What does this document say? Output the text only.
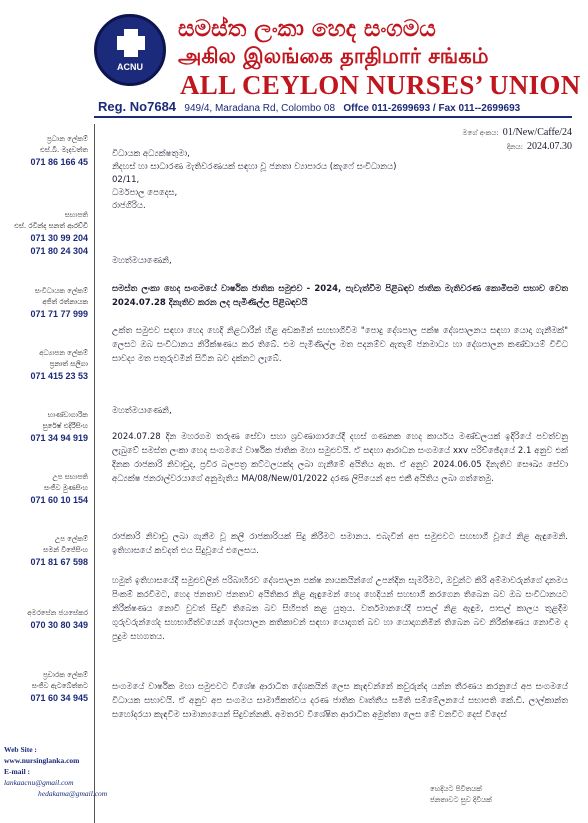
ACNU
සමස්ත ලංකා හෙද සංගමය
அகில இலங்கை தாதிமார் சங்கம்
ALL CEYLON NURSES’ UNION
Reg. No7684 949/4, Maradana Rd, Colombo 08 Offce 011-2699693 / Fax 011--2699693
ප්‍රධාන ලේකම්
එස්.බී. මැදවත්ත
071 86 166 45
සභාපති
එස්. රවින්ද සනත් ආරච්චි
071 30 99 204
071 80 24 304
සංවිධායක ලේකම්
අජිත් රත්නායක
071 71 77 999
අධ්‍යාපන ලේකම්
ප්‍රනාත් සලිගා
071 415 23 53
භාණ්ඩාගාරික
සුරේෂ් එදිරිසිංහ
071 34 94 919
උප සභාපති
සංජීව මුණසිංහ
071 60 10 154
උප ලේකම්
සමන් විජේසිංහ
071 81 67 598
අමරසේන ජයසේකර
070 30 80 349
ප්‍රචාරක ලේකම්
සංජීව ඇටබේත්තට
071 60 34 945
Web Site : www.nursinglanka.com
E-mail : lankaacnu@gmail.com
hedakama@gmail.com
මගේ අංකය: 01/New/Caffe/24
දිනය: 2024.07.30
විධායක අධ්‍යක්ෂතුමා,
නිදහස් හා සාධාරණ මැතිවරණයක් සඳහා වූ ජනතා ව්‍යාපාරය (කැෆේ සංවිධානය)
02/11,
ධර්මපාල පෙදෙස,
රාජගිරිය.
මහත්මයාණෙනි,
සමස්ත ලංකා හෙද සංගමයේ වාර්ෂික ජාතික සමුළුව - 2024, පැවැත්වීම පිළිබඳව ජාතික මැතිවරණ කොමිසම සභාව වෙත 2024.07.28 දිනැතිව කරන ලද පැමිණිල්ල පිළිබඳවයි
උක්ත සමුළුව සඳහා හෙද හෙදි නිළධාරීන් හිළ අඩකමින් සහභාගිවීම "පොදු දේශපාල පක්ෂ දේශපාලනය සඳහා යොදා ගැනීමක්" ලෙසට ඔබ සංවිධානය නිරීක්ෂණය කර තිබේ. එම පැමිණිල්ල මත පදනම්ව ඇතැම් ජනමාධ්‍ය හා දේශපාලන කණ්ඩායම් විවිධ සාවද්‍ය මත පතුරුවමින් සිටින බව දක්නට ලැබේ.
මහත්මයාණෙනි,
2024.07.28 දින මහරගම තරුණ සේවා සහා ශ්‍රවණාගාරයේදී දහස් ගණනක හෙද කාර්යය මණ්ඩලයක් ඉදිරියේ පවත්වනු ලැබුවේ සමස්ත ලංකා හෙද සංගමයේ වාර්ෂික ජාතික මහා සමුළුවයි. ඒ සඳහා ආරාධන සංගමයේ xxv පරිච්ඡේදයේ 2.1 අනුව එක් දිනක රාජකාරි නිවාඩුද, ප්‍රවිර බලපත්‍ර කට්ටලයක්ද ලබා ගැනීමේ අයිතිය ඇත. ඒ අනුව 2024.06.05 දිනැතිව සෞඛ්‍ය සේවා අධ්‍යක්ෂ ජනරාල්වරයාගේ අනුමැතිය MA/08/New/01/2022 දරණ ලිපියෙන් අප එකී අයිතිය ලබා ගත්තෙමු.
රාජකාරි නිවාඩු ලබා ගැනීම වූ කලී රාජකාරියක් සිදු කිරීමට සමානය. එබැවින් අප සමුළුවට සහභාගී වූයේ නිළ ඇඳුමෙනි. ඉතිහාසයේ කවදත් එය සිදුවූයේ එලෙසය.
හමුත් ඉතිහාසයේදී සමුළුවලින් පරිබාහිරව දේශපාලන පක්ෂ නායකයින්ගේ උපන්දින සැමරීමට, ඔවුන්ට කිරි අම්මාවරුන්ගේ දානමය පිංකම් කරවීමට, හෙද ජනතාව ජනතාව අයිතිකර නිළ ඇඳුමෙන් හෙද හෙදියන් සහභාගී කරගෙන තිබෙන බව ඔබ සංවිධානයට නිරීක්ෂණය නොවී වුවත් සිදුවී තිබෙන බව සිහිපත් කළ යුතුය. වර්තමානයේදී පාසල් නිළ ඇඳුම, පාසල් කාලය තුළදීම ගුරුවරුන්ගේද සහභාගීත්වයෙන් දේශපාලන කතිකාවන් සඳහා යොදාගත් බව හා යොදාගනිමින් තිබෙන බව නිරීක්ෂණය නොවීම ද පුදුම සහගතය.
සංගමයේ වාර්ෂික මහා සමුළුවට විශේෂ ආරාධිත දේශකයින් ලෙස කැඳවන්නේ කවුරුන්ද යන්න තීරණය කරනුයේ අප සංගමයේ විධායක සභාවයි. ඒ අනුව අප සංගමය සාමාජිකත්වය දරණ ජාතික වෘත්තීය සමිති සම්මේලනයේ සභාපති කේ.ඩී. ලාල්කාන්ත සහෝදරයා කැඳවීම සාමාන්‍යයෙන් සිදුවන්නකි. අමතරව විශේෂිත ආරාධිත අමුත්තා ලෙස මේ වනවිට දෙස් විදෙස්
හෙදියට පිවිතයක්
ජනතාවට සුව දිවියක්
